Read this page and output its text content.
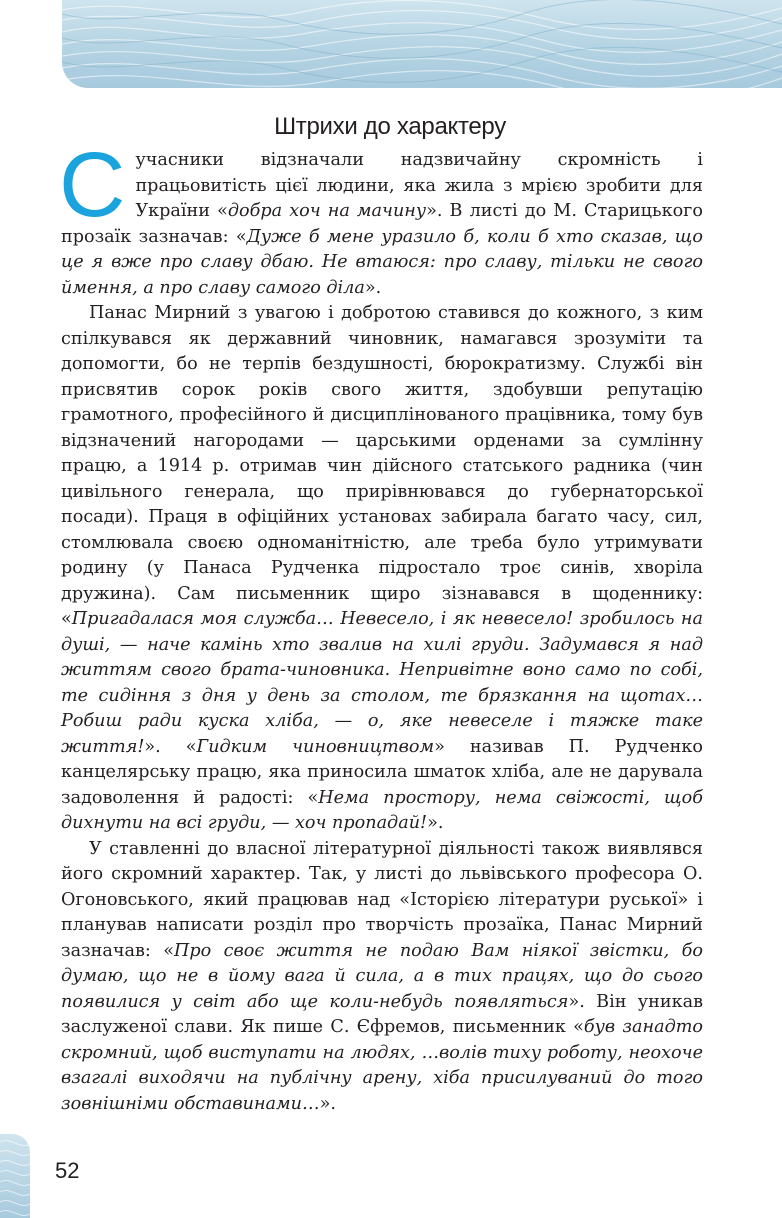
Штрихи до характеру

С учасники відзначали надзвичайну скромність і працьовитість цієї людини, яка жила з мрією зробити для України «добра хоч на мачину». В листі до М. Старицького прозаїк зазначав: «Дуже б мене уразило б, коли б хто сказав, що це я вже про славу дбаю. Не втаюся: про славу, тільки не свого ймення, а про славу самого діла».

Панас Мирний з увагою і добротою ставився до кожного, з ким спілкувався як державний чиновник, намагався зрозуміти та допомогти, бо не терпів бездушності, бюрократизму. Службі він присвятив сорок років свого життя, здобувши репутацію грамотного, професійного й дисциплінованого працівника, тому був відзначений нагородами — царськими орденами за сумлінну працю, а 1914 р. отримав чин дійсного статського радника (чин цивільного генерала, що прирівнювався до губернаторської посади). Праця в офіційних установах забирала багато часу, сил, стомлювала своєю одноманітністю, але треба було утримувати родину (у Панаса Рудченка підростало троє синів, хворіла дружина). Сам письменник щиро зізнавався в щоденнику: «Пригадалася моя служба… Невесело, і як невесело! зробилось на душі, — наче камінь хто звалив на хилі груди. Задумався я над життям свого брата-чиновника. Непривітне воно само по собі, те сидіння з дня у день за столом, те брязкання на щотах… Робиш ради куска хліба, — о, яке невеселе і тяжке таке життя!». «Гидким чиновництвом» називав П. Рудченко канцелярську працю, яка приносила шматок хліба, але не дарувала задоволення й радості: «Нема простору, нема свіжості, щоб дихнути на всі груди, — хоч пропадай!».

У ставленні до власної літературної діяльності також виявлявся його скромний характер. Так, у листі до львівського професора О. Огоновського, який працював над «Історією літератури руської» і планував написати розділ про творчість прозаїка, Панас Мирний зазначав: «Про своє життя не подаю Вам ніякої звістки, бо думаю, що не в йому вага й сила, а в тих працях, що до сього появилися у світ або ще коли-небудь появляться». Він уникав заслуженої слави. Як пише С. Єфремов, письменник «був занадто скромний, щоб виступати на людях, …волів тиху роботу, неохоче взагалі виходячи на публічну арену, хіба присилуваний до того зовнішніми обставинами…».

52
